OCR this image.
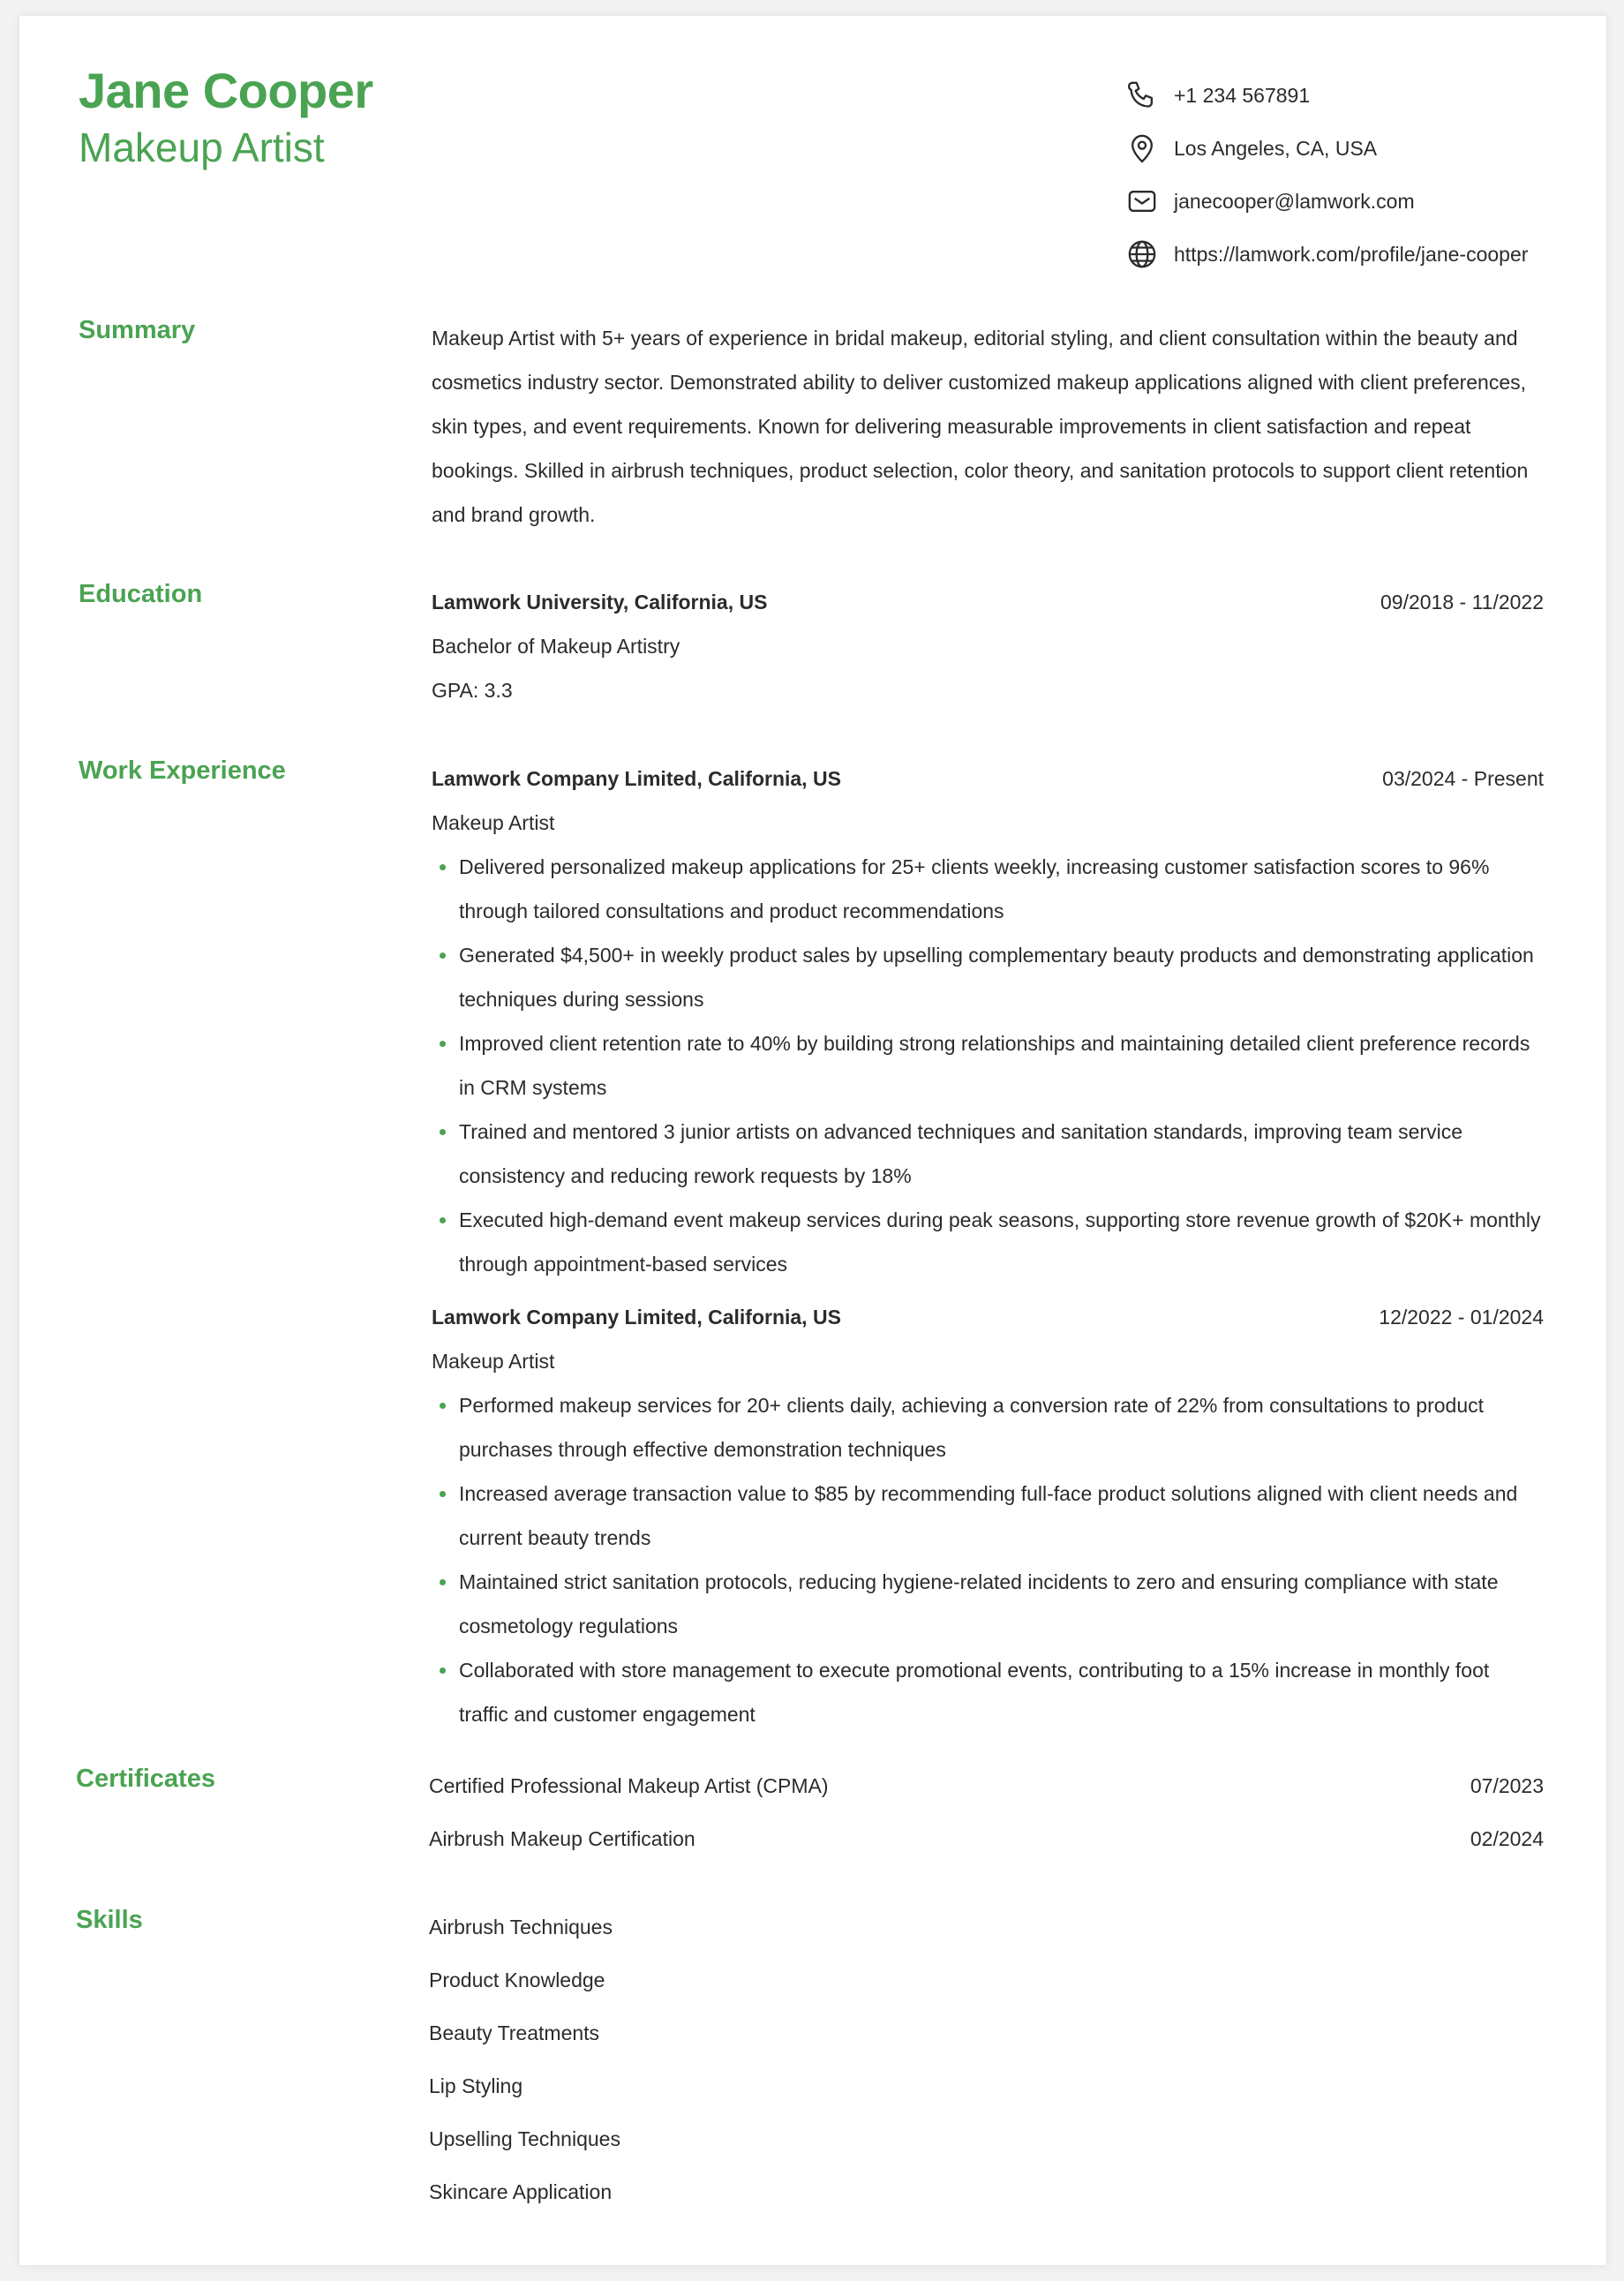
Jane Cooper
Makeup Artist
+1 234 567891
Los Angeles, CA, USA
janecooper@lamwork.com
https://lamwork.com/profile/jane-cooper
Summary	Makeup Artist with 5+ years of experience in bridal makeup, editorial styling, and client consultation within the beauty and cosmetics industry sector. Demonstrated ability to deliver customized makeup applications aligned with client preferences, skin types, and event requirements. Known for delivering measurable improvements in client satisfaction and repeat bookings. Skilled in airbrush techniques, product selection, color theory, and sanitation protocols to support client retention and brand growth.
Education	Lamwork University, California, US	09/2018 - 11/2022
Bachelor of Makeup Artistry
GPA: 3.3
Work Experience	Lamwork Company Limited, California, US	03/2024 - Present
Makeup Artist
Delivered personalized makeup applications for 25+ clients weekly, increasing customer satisfaction scores to 96% through tailored consultations and product recommendations
Generated $4,500+ in weekly product sales by upselling complementary beauty products and demonstrating application techniques during sessions
Improved client retention rate to 40% by building strong relationships and maintaining detailed client preference records in CRM systems
Trained and mentored 3 junior artists on advanced techniques and sanitation standards, improving team service consistency and reducing rework requests by 18%
Executed high-demand event makeup services during peak seasons, supporting store revenue growth of $20K+ monthly through appointment-based services
Lamwork Company Limited, California, US	12/2022 - 01/2024
Makeup Artist
Performed makeup services for 20+ clients daily, achieving a conversion rate of 22% from consultations to product purchases through effective demonstration techniques
Increased average transaction value to $85 by recommending full-face product solutions aligned with client needs and current beauty trends
Maintained strict sanitation protocols, reducing hygiene-related incidents to zero and ensuring compliance with state cosmetology regulations
Collaborated with store management to execute promotional events, contributing to a 15% increase in monthly foot traffic and customer engagement
Certificates	Certified Professional Makeup Artist (CPMA)	07/2023
Airbrush Makeup Certification	02/2024
Skills	Airbrush Techniques
Product Knowledge
Beauty Treatments
Lip Styling
Upselling Techniques
Skincare Application
